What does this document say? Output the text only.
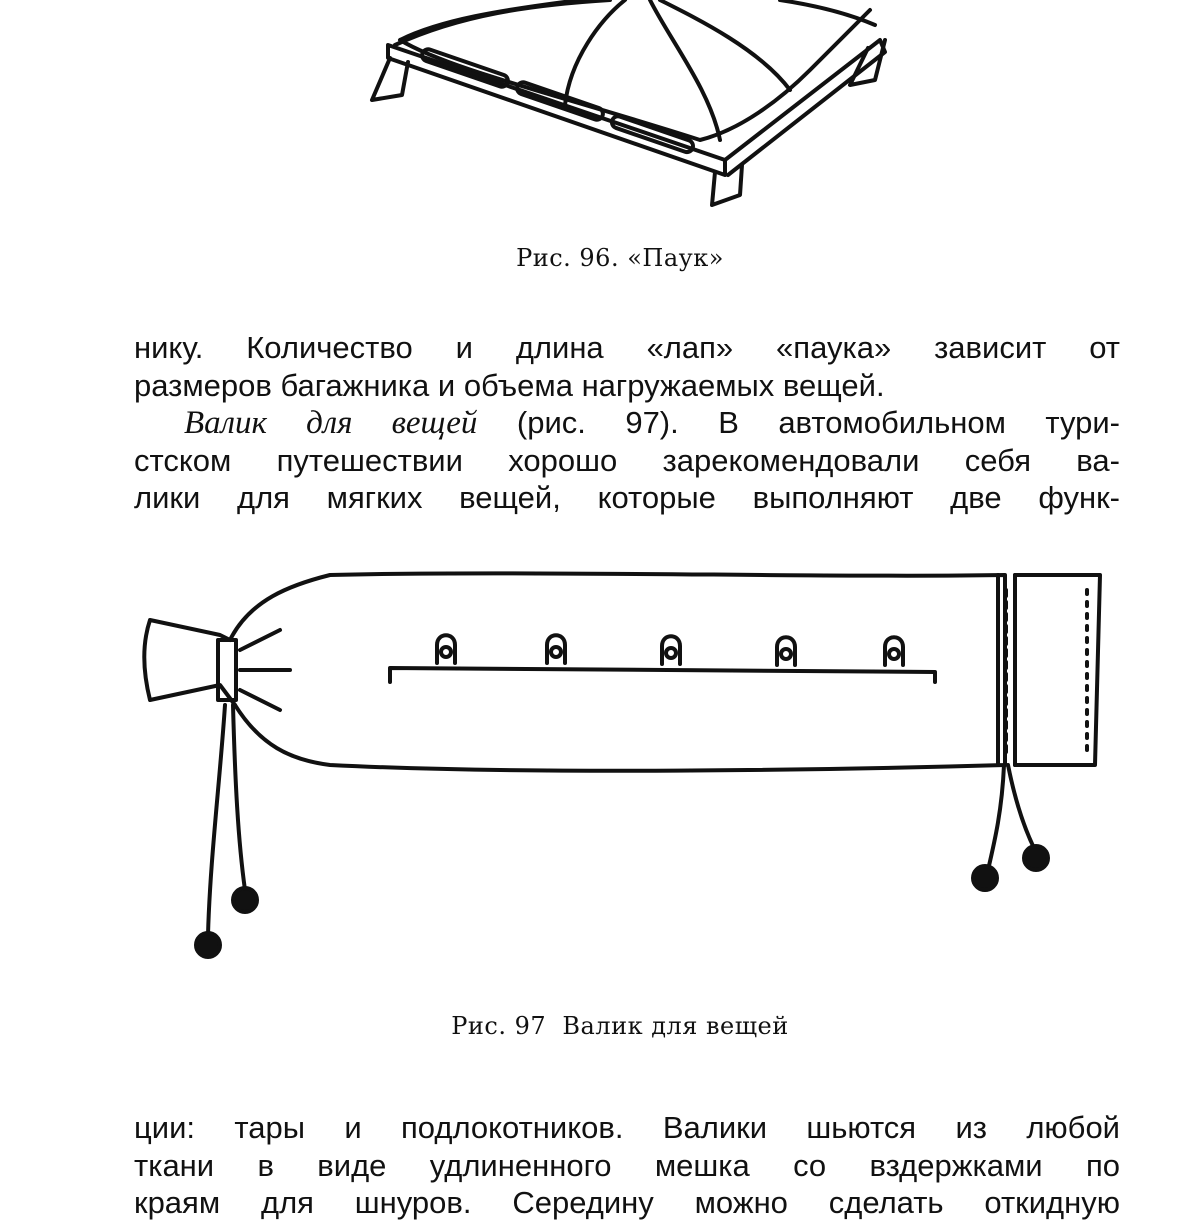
Рис. 96. «Паук»
нику. Количество и длина «лап» «паука» зависит от
размеров багажника и объема нагружаемых вещей.
Валик для вещей (рис. 97). В автомобильном тури-
стском путешествии хорошо зарекомендовали себя ва-
лики для мягких вещей, которые выполняют две функ-
Рис. 97  Валик для вещей
ции: тары и подлокотников. Валики шьются из любой
ткани в виде удлиненного мешка со вздержками по
краям для шнуров. Середину можно сделать откидную
